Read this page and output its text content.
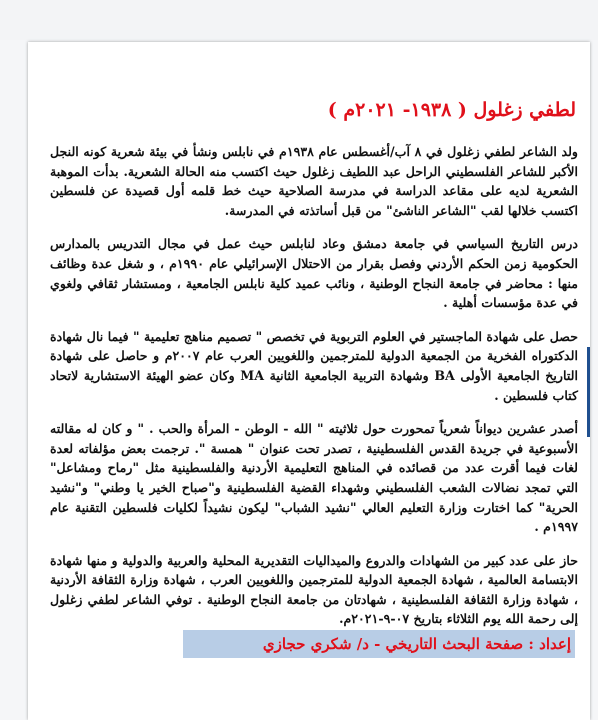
لطفي زغلول ( ١٩٣٨- ٢٠٢١م )

ولد الشاعر لطفي زغلول في ٨ آب/أغسطس عام ١٩٣٨م في نابلس ونشأ في بيئة شعرية كونه النجل الأكبر للشاعر الفلسطيني الراحل عبد اللطيف زغلول حيث اكتسب منه الحالة الشعرية. بدأت الموهبة الشعرية لديه على مقاعد الدراسة في مدرسة الصلاحية حيث خط قلمه أول قصيدة عن فلسطين اكتسب خلالها لقب "الشاعر الناشئ" من قبل أساتذته في المدرسة.

درس التاريخ السياسي في جامعة دمشق وعاد لنابلس حيث عمل في مجال التدريس بالمدارس الحكومية زمن الحكم الأردني وفصل بقرار من الاحتلال الإسرائيلي عام ١٩٩٠م ، و شغل عدة وظائف منها : محاضر في جامعة النجاح الوطنية ، ونائب عميد كلية نابلس الجامعية ، ومستشار ثقافي ولغوي في عدة مؤسسات أهلية .

حصل على شهادة الماجستير في العلوم التربوية في تخصص " تصميم مناهج تعليمية " فيما نال شهادة الدكتوراه الفخرية من الجمعية الدولية للمترجمين واللغويين العرب عام ٢٠٠٧م و حاصل على شهادة التاريخ الجامعية الأولى BA وشهادة التربية الجامعية الثانية MA وكان عضو الهيئة الاستشارية لاتحاد كتاب فلسطين .

أصدر عشرين ديواناً شعرياً تمحورت حول ثلاثيته " الله - الوطن - المرأة والحب . " و كان له مقالته الأسبوعية في جريدة القدس الفلسطينية ، تصدر تحت عنوان " همسة ". ترجمت بعض مؤلفاته لعدة لغات فيما أقرت عدد من قصائده في المناهج التعليمية الأردنية والفلسطينية مثل "رماح ومشاعل" التي تمجد نضالات الشعب الفلسطيني وشهداء القضية الفلسطينية و"صباح الخير يا وطني" و"نشيد الحرية" كما اختارت وزارة التعليم العالي "نشيد الشباب" ليكون نشيداً لكليات فلسطين التقنية عام ١٩٩٧م .

حاز على عدد كبير من الشهادات والدروع والميداليات التقديرية المحلية والعربية والدولية و منها شهادة الابتسامة العالمية ، شهادة الجمعية الدولية للمترجمين واللغويين العرب ، شهادة وزارة الثقافة الأردنية ، شهادة وزارة الثقافة الفلسطينية ، شهادتان من جامعة النجاح الوطنية . توفي الشاعر لطفي زغلول إلى رحمة الله يوم الثلاثاء بتاريخ ٠٧-٩-٢٠٢١م.

إعداد : صفحة البحث التاريخي - د/ شكري حجازي
